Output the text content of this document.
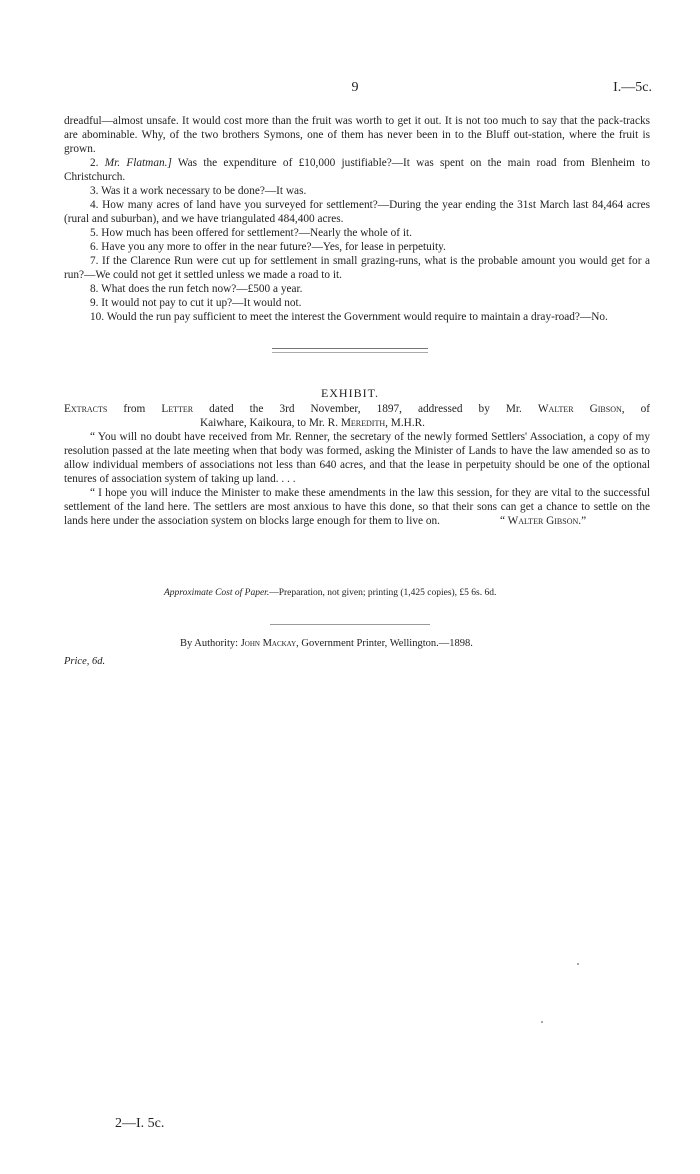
9	I.—5c.

dreadful—almost unsafe. It would cost more than the fruit was worth to get it out. It is not too much to say that the pack-tracks are abominable. Why, of the two brothers Symons, one of them has never been in to the Bluff out-station, where the fruit is grown.

2. Mr. Flatman.] Was the expenditure of £10,000 justifiable?—It was spent on the main road from Blenheim to Christchurch.

3. Was it a work necessary to be done?—It was.

4. How many acres of land have you surveyed for settlement?—During the year ending the 31st March last 84,464 acres (rural and suburban), and we have triangulated 484,400 acres.

5. How much has been offered for settlement?—Nearly the whole of it.

6. Have you any more to offer in the near future?—Yes, for lease in perpetuity.

7. If the Clarence Run were cut up for settlement in small grazing-runs, what is the probable amount you would get for a run?—We could not get it settled unless we made a road to it.

8. What does the run fetch now?—£500 a year.

9. It would not pay to cut it up?—It would not.

10. Would the run pay sufficient to meet the interest the Government would require to maintain a dray-road?—No.

EXHIBIT.

Extracts from Letter dated the 3rd November, 1897, addressed by Mr. Walter Gibson, of

Kaiwhare, Kaikoura, to Mr. R. Meredith, M.H.R.

“ You will no doubt have received from Mr. Renner, the secretary of the newly formed Settlers' Association, a copy of my resolution passed at the late meeting when that body was formed, asking the Minister of Lands to have the law amended so as to allow individual members of associations not less than 640 acres, and that the lease in perpetuity should be one of the optional tenures of association system of taking up land. . . .

“ I hope you will induce the Minister to make these amendments in the law this session, for they are vital to the successful settlement of the land here. The settlers are most anxious to have this done, so that their sons can get a chance to settle on the lands here under the association system on blocks large enough for them to live on.	“ Walter Gibson.”

Approximate Cost of Paper.—Preparation, not given; printing (1,425 copies), £5 6s. 6d.
By Authority: John Mackay, Government Printer, Wellington.—1898.
Price, 6d.
2—I. 5c.
